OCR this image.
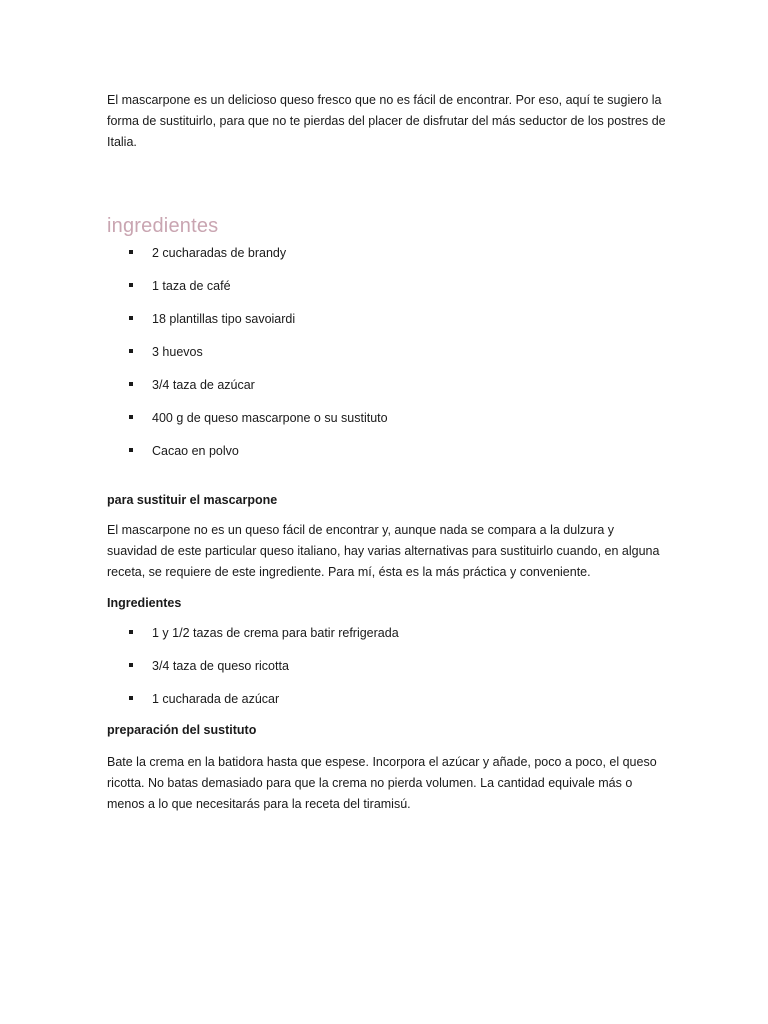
El mascarpone es un delicioso queso fresco que no es fácil de encontrar. Por eso, aquí te sugiero la forma de sustituirlo, para que no te pierdas del placer de disfrutar del más seductor de los postres de Italia.

ingredientes
2 cucharadas de brandy
1 taza de café
18 plantillas tipo savoiardi
3 huevos
3/4 taza de azúcar
400 g de queso mascarpone o su sustituto
Cacao en polvo

para sustituir el mascarpone

El mascarpone no es un queso fácil de encontrar y, aunque nada se compara a la dulzura y suavidad de este particular queso italiano, hay varias alternativas para sustituirlo cuando, en alguna receta, se requiere de este ingrediente. Para mí, ésta es la más práctica y conveniente.

Ingredientes

1 y 1/2 tazas de crema para batir refrigerada
3/4 taza de queso ricotta
1 cucharada de azúcar

preparación del sustituto

Bate la crema en la batidora hasta que espese. Incorpora el azúcar y añade, poco a poco, el queso ricotta. No batas demasiado para que la crema no pierda volumen. La cantidad equivale más o menos a lo que necesitarás para la receta del tiramisú.
